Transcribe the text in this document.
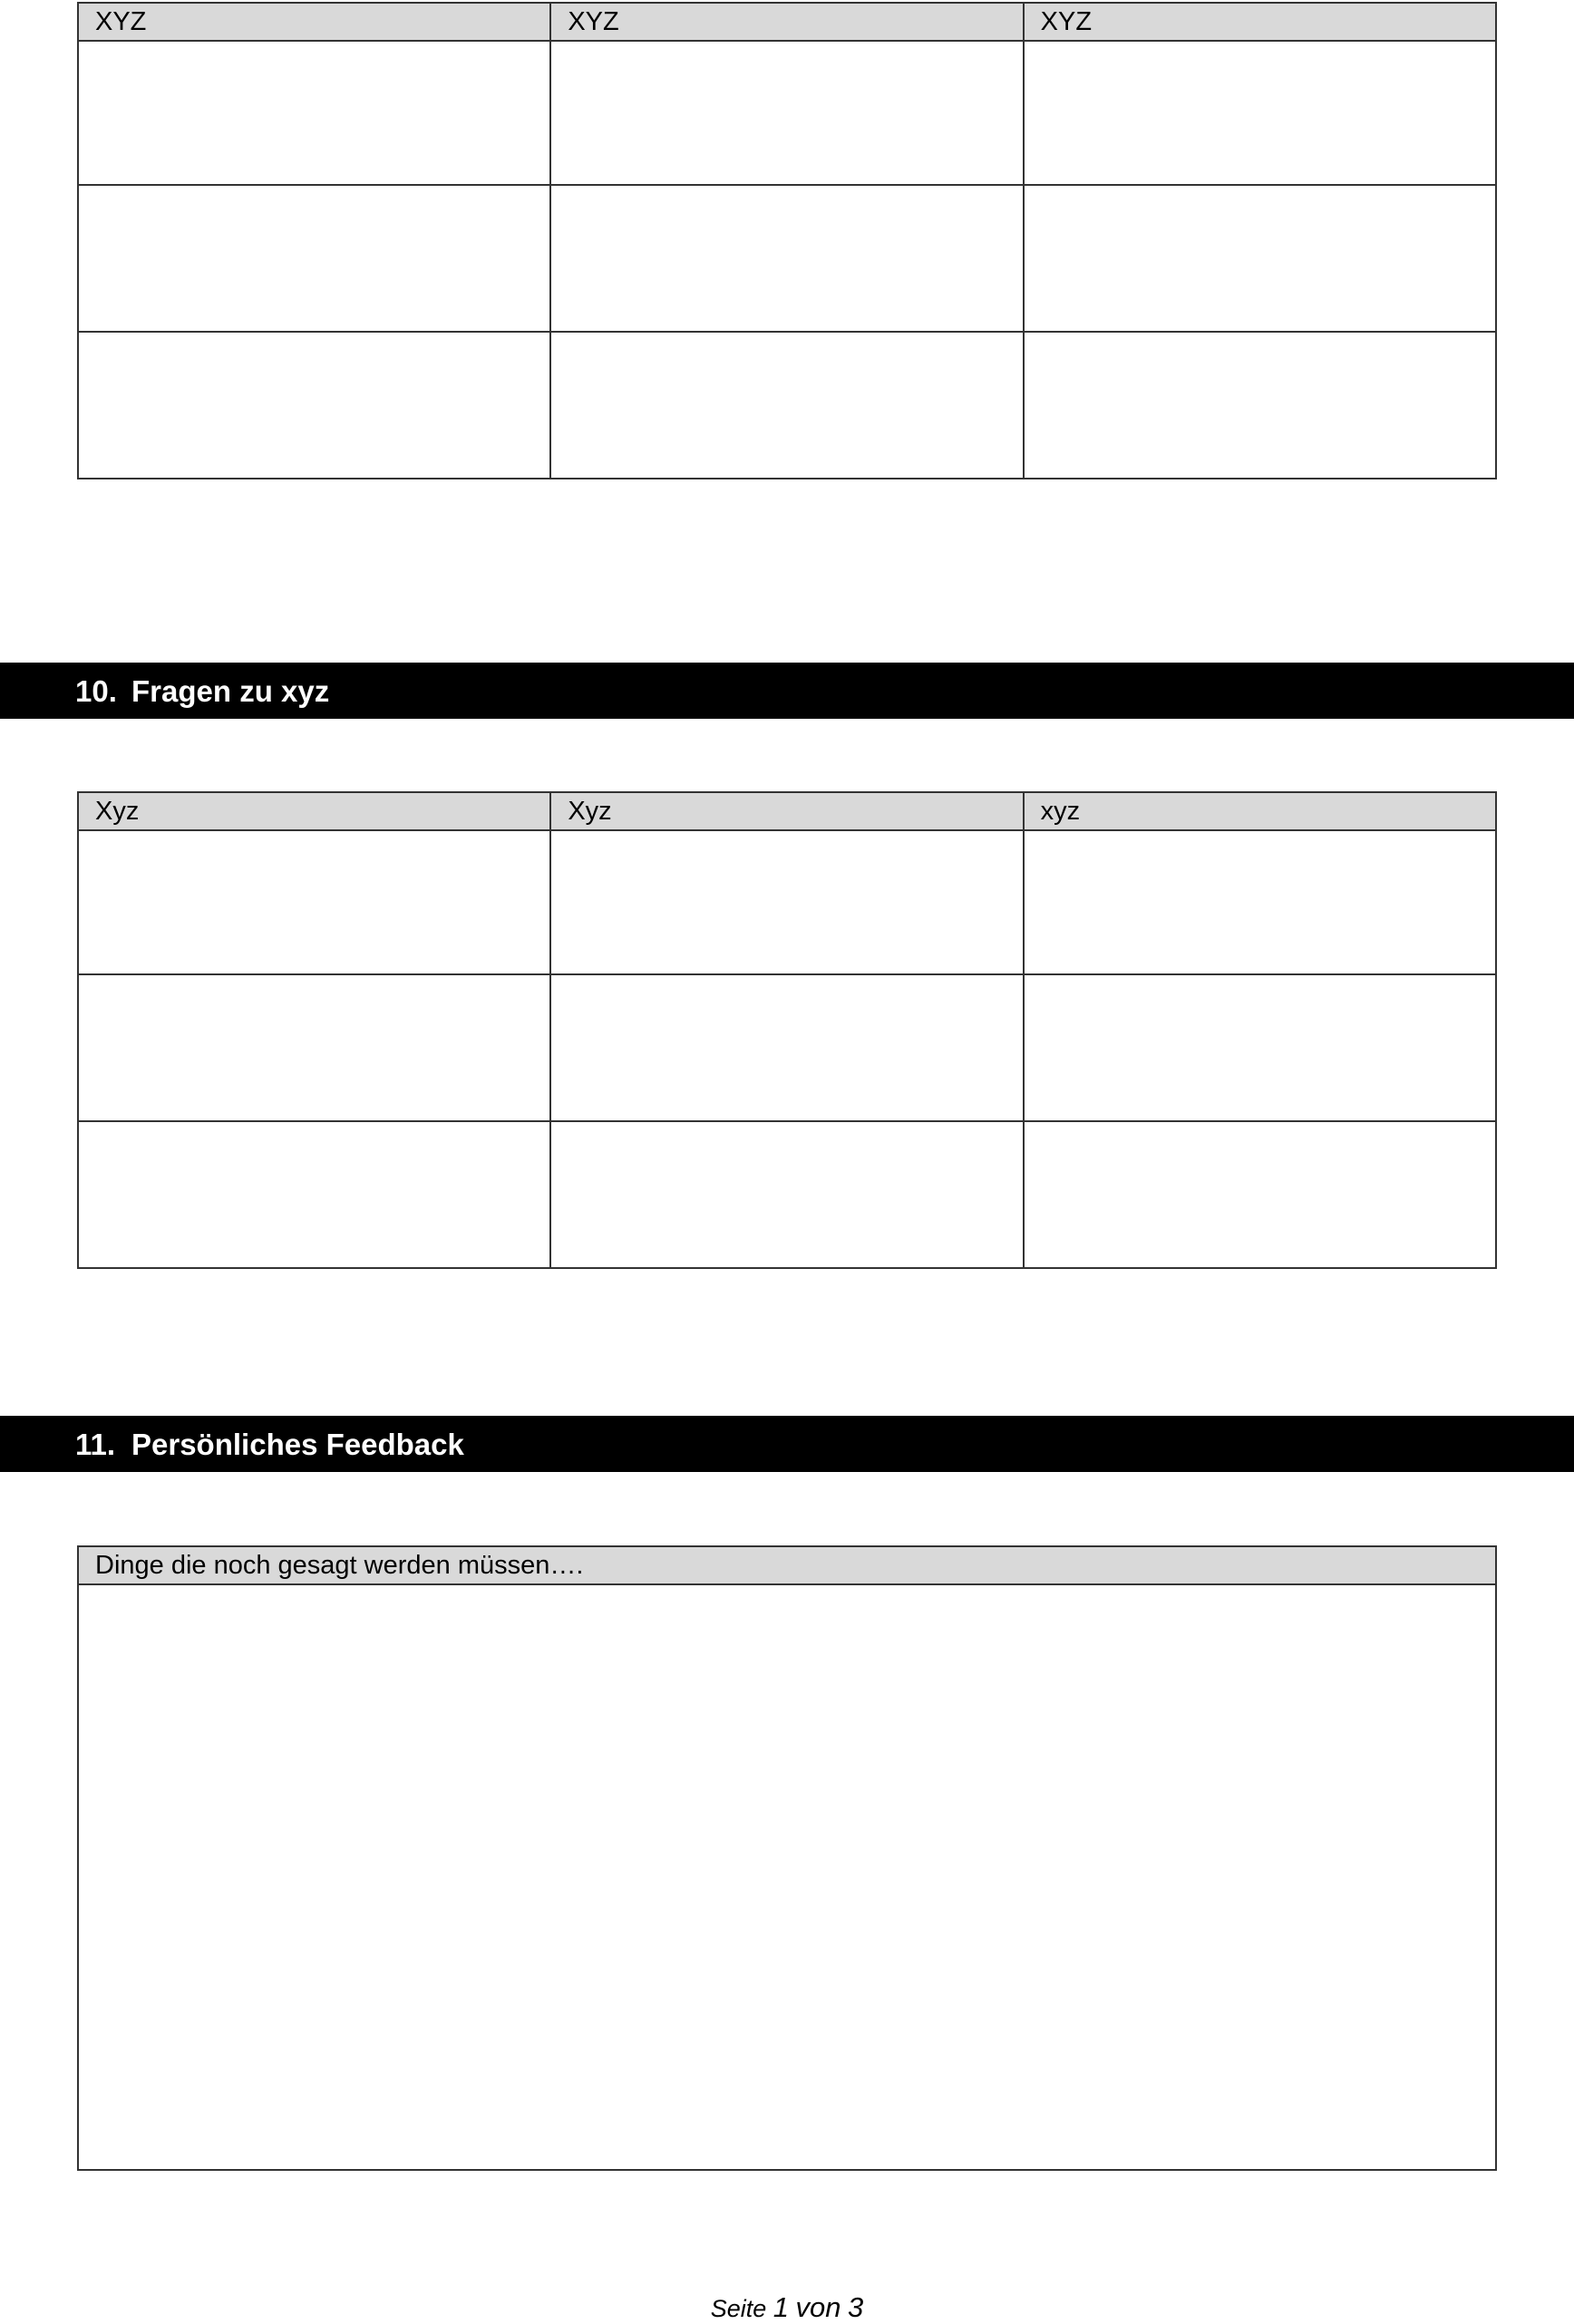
XYZ	XYZ	XYZ

10. Fragen zu xyz
Xyz	Xyz	xyz

11. Persönliches Feedback
Dinge die noch gesagt werden müssen….
Seite 1 von 3
